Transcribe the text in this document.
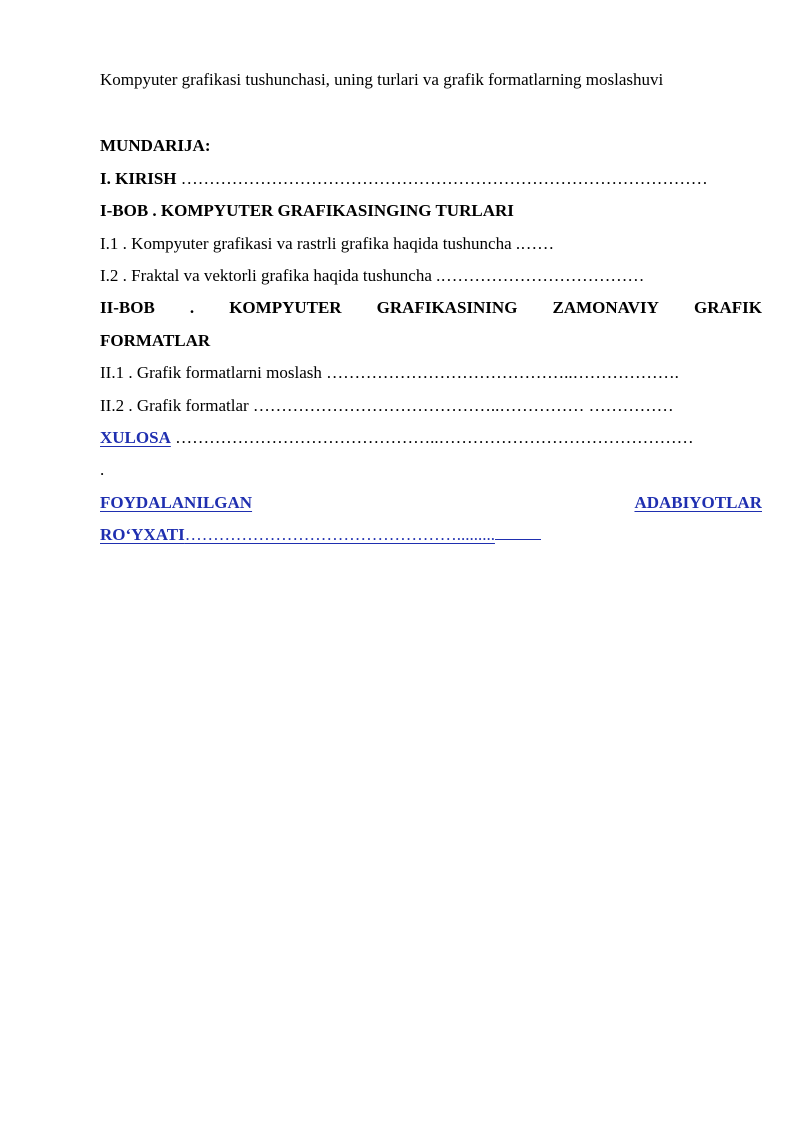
Kompyuter grafikasi tushunchasi, uning turlari va grafik formatlarning moslashuvi
MUNDARIJA:
I. KIRISH …………………………………………………………………………………
I-BOB . KOMPYUTER GRAFIKASINGING TURLARI
I.1 . Kompyuter grafikasi va rastrli grafika haqida tushuncha .……
I.2 . Fraktal va vektorli grafika haqida tushuncha .………………………………
II-BOB . KOMPYUTER GRAFIKASINING ZAMONAVIY GRAFIK
FORMATLAR
II.1 . Grafik formatlarni moslash ……………………………………..……………….
II.2 . Grafik formatlar ……………………………………..…………… ……………
XULOSA ………………………………………..………………………………………
.
FOYDALANILGAN	ADABIYOTLAR
RO‘YXATI………………………………………….........
